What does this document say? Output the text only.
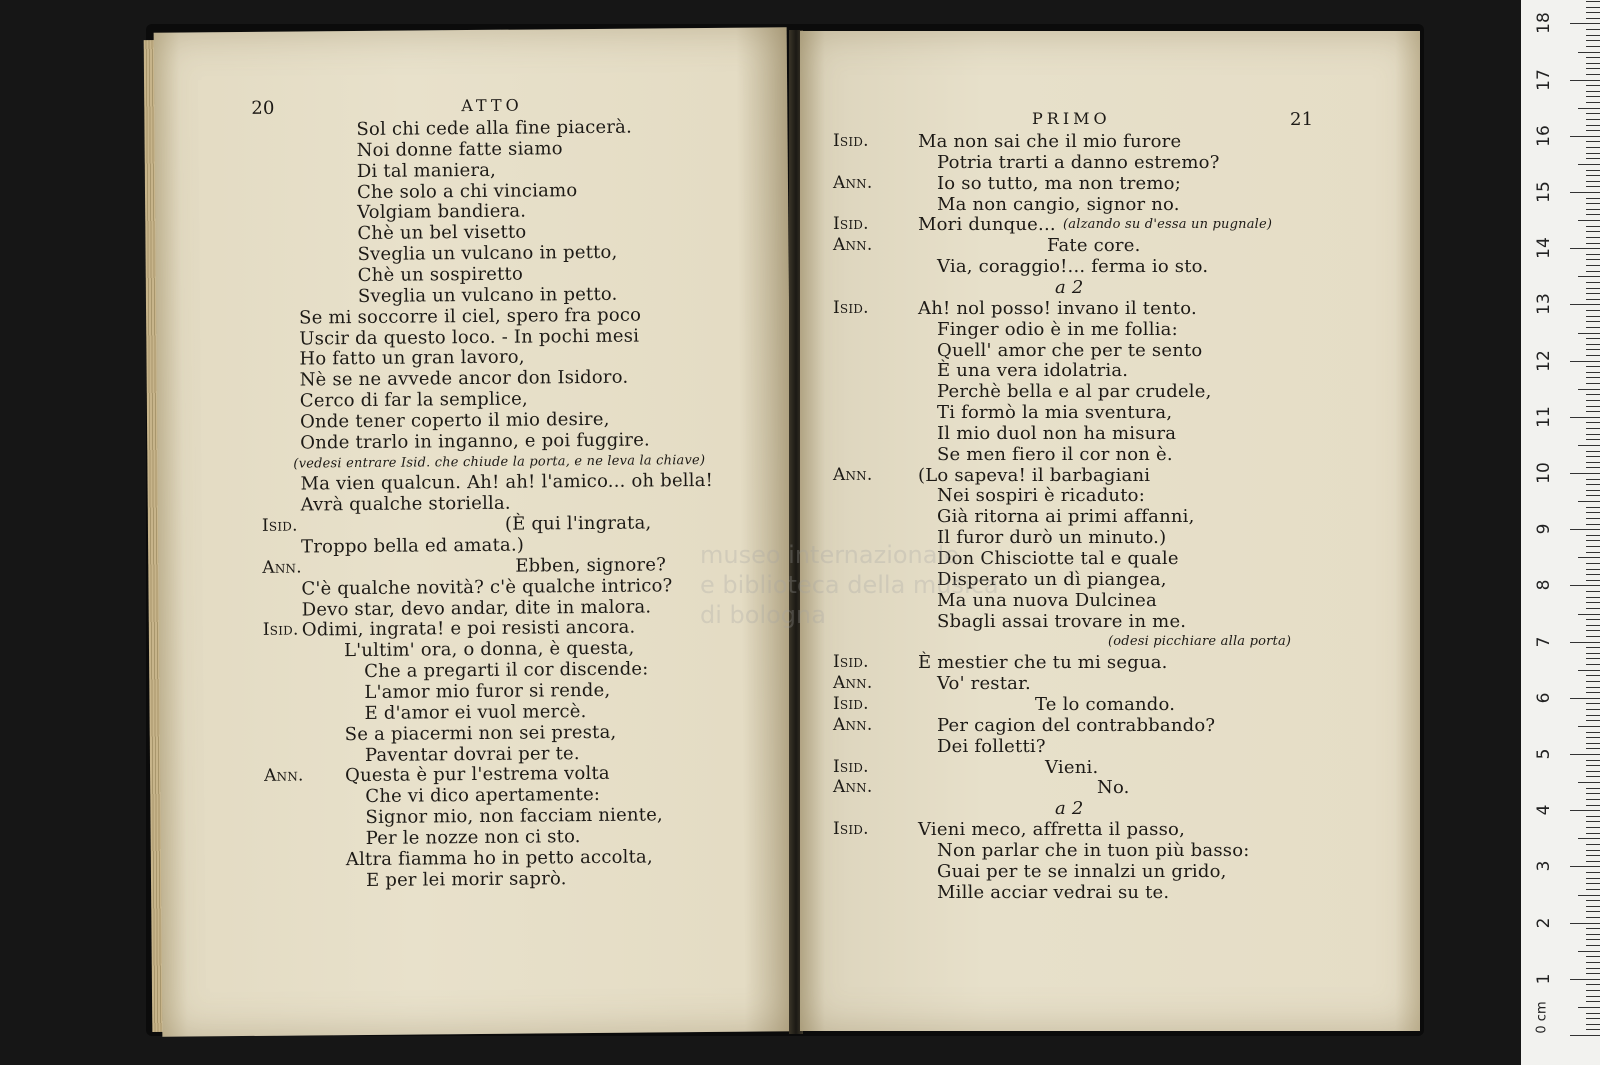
20	ATTO
Sol chi cede alla fine piacerà.
Noi donne fatte siamo
Di tal maniera,
Che solo a chi vinciamo
Volgiam bandiera.
Chè un bel visetto
Sveglia un vulcano in petto,
Chè un sospiretto
Sveglia un vulcano in petto.
Se mi soccorre il ciel, spero fra poco
Uscir da questo loco. - In pochi mesi
Ho fatto un gran lavoro,
Nè se ne avvede ancor don Isidoro.
Cerco di far la semplice,
Onde tener coperto il mio desire,
Onde trarlo in inganno, e poi fuggire.
(vedesi entrare Isid. che chiude la porta, e ne leva la chiave)
Ma vien qualcun. Ah! ah! l'amico... oh bella!
Avrà qualche storiella.
Isid.	(È qui l'ingrata,
Troppo bella ed amata.)
Ann.	Ebben, signore?
C'è qualche novità? c'è qualche intrico?
Devo star, devo andar, dite in malora.
Isid. Odimi, ingrata! e poi resisti ancora.
L'ultim' ora, o donna, è questa,
Che a pregarti il cor discende:
L'amor mio furor si rende,
E d'amor ei vuol mercè.
Se a piacermi non sei presta,
Paventar dovrai per te.
Ann. Questa è pur l'estrema volta
Che vi dico apertamente:
Signor mio, non facciam niente,
Per le nozze non ci sto.
Altra fiamma ho in petto accolta,
E per lei morir saprò.
PRIMO	21
Isid.	Ma non sai che il mio furore
Potria trarti a danno estremo?
Ann.	Io so tutto, ma non tremo;
Ma non cangio, signor no.
Isid.	Mori dunque... (alzando su d'essa un pugnale)
Ann.	Fate core.
Via, coraggio!... ferma io sto.
a 2
Isid.	Ah! nol posso! invano il tento.
Finger odio è in me follia:
Quell' amor che per te sento
È una vera idolatria.
Perchè bella e al par crudele,
Ti formò la mia sventura,
Il mio duol non ha misura
Se men fiero il cor non è.
Ann.	(Lo sapeva! il barbagiani
Nei sospiri è ricaduto:
Già ritorna ai primi affanni,
Il furor durò un minuto.)
Don Chisciotte tal e quale
Disperato un dì piangea,
Ma una nuova Dulcinea
Sbagli assai trovare in me.
(odesi picchiare alla porta)
Isid.	È mestier che tu mi segua.
Ann.	Vo' restar.
Isid.	Te lo comando.
Ann.	Per cagion del contrabbando?
Dei folletti?
Isid.	Vieni.
Ann.	No.
a 2
Isid.	Vieni meco, affretta il passo,
Non parlar che in tuon più basso:
Guai per te se innalzi un grido,
Mille acciar vedrai su te.
museo internazionale
e biblioteca della musica
di bologna
0 cm
1
2
3
4
5
6
7
8
9
10
11
12
13
14
15
16
17
18
